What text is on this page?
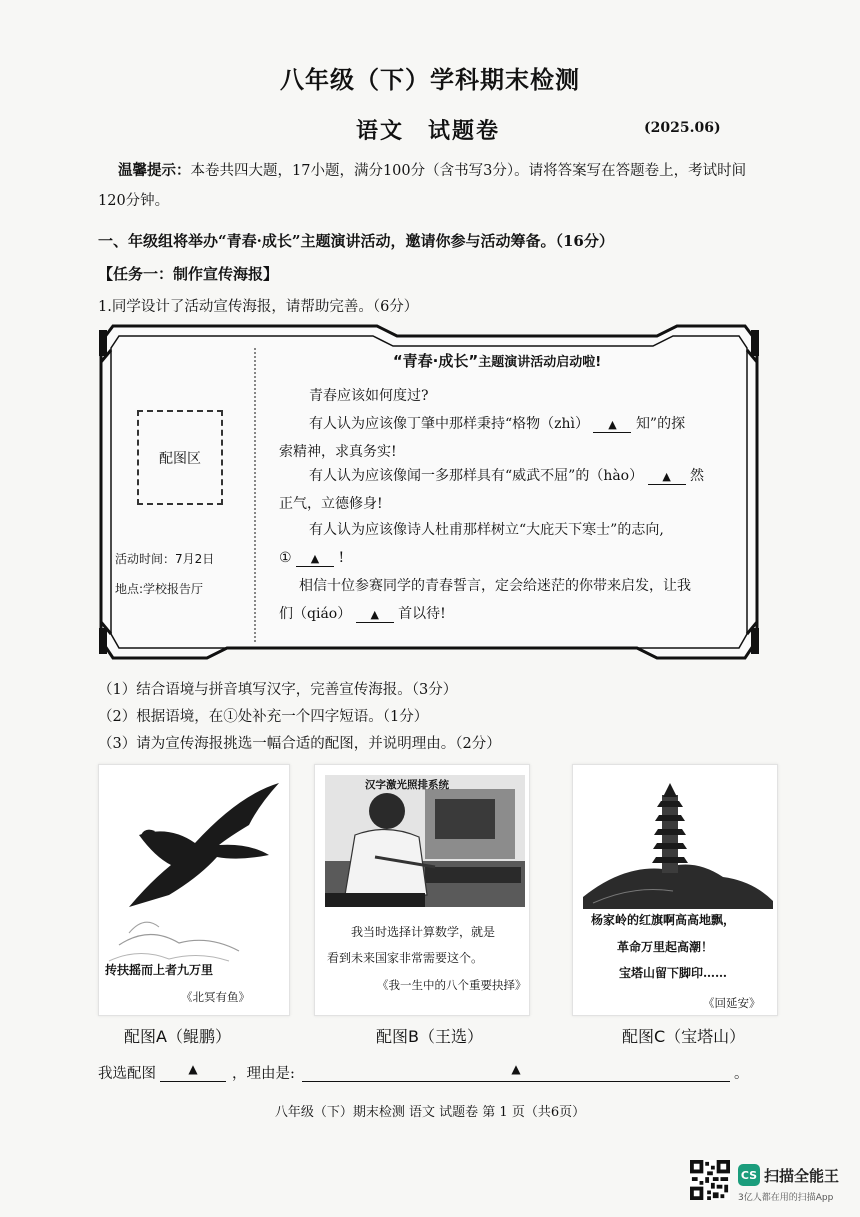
八年级（下）学科期末检测
语文　试题卷	(2025.06)
温馨提示：本卷共四大题，17小题，满分100分（含书写3分）。请将答案写在答题卷上，考试时间120分钟。
一、年级组将举办“青春·成长”主题演讲活动，邀请你参与活动筹备。（16分）
【任务一：制作宣传海报】
1.同学设计了活动宣传海报，请帮助完善。（6分）
“青春·成长”主题演讲活动启动啦!
配图区
活动时间：7月2日
地点:学校报告厅
青春应该如何度过?
有人认为应该像丁肇中那样秉持“格物（zhì） ▲ 知”的探
索精神，求真务实!
有人认为应该像闻一多那样具有“威武不屈”的（hào） ▲ 然
正气，立德修身!
有人认为应该像诗人杜甫那样树立“大庇天下寒士”的志向,
① ▲ !
相信十位参赛同学的青春誓言，定会给迷茫的你带来启发，让我
们（qiáo） ▲ 首以待!
（1）结合语境与拼音填写汉字，完善宣传海报。（3分）
（2）根据语境，在①处补充一个四字短语。（1分）
（3）请为宣传海报挑选一幅合适的配图，并说明理由。（2分）
抟扶摇而上者九万里
《北冥有鱼》
汉字激光照排系统
我当时选择计算数学，就是
看到未来国家非常需要这个。
《我一生中的八个重要抉择》
杨家岭的红旗啊高高地飘，
革命万里起高潮！
宝塔山留下脚印……
《回延安》
配图A（鲲鹏）	配图B（王选）	配图C（宝塔山）
我选配图	▲	，理由是:	▲	。
八年级（下）期末检测 语文 试题卷 第 1 页（共6页）
CS 扫描全能王
3亿人都在用的扫描App
